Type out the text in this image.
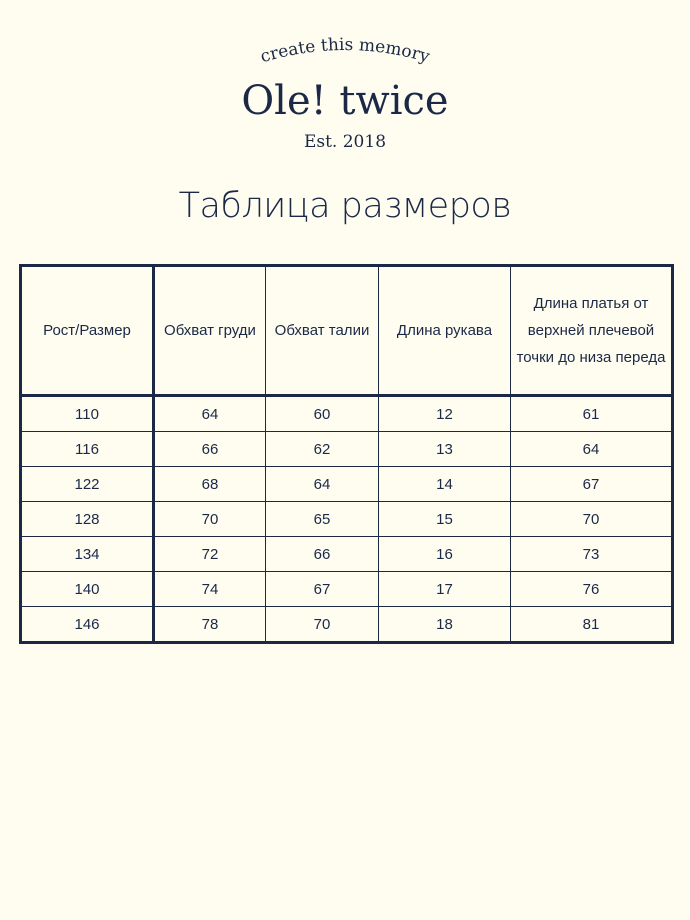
create this memory
Ole! twice
Est. 2018
Таблица размеров
Рост/Размер	Обхват груди	Обхват талии	Длина рукава	Длина платья от верхней плечевой точки до низа переда
110	64	60	12	61
116	66	62	13	64
122	68	64	14	67
128	70	65	15	70
134	72	66	16	73
140	74	67	17	76
146	78	70	18	81
